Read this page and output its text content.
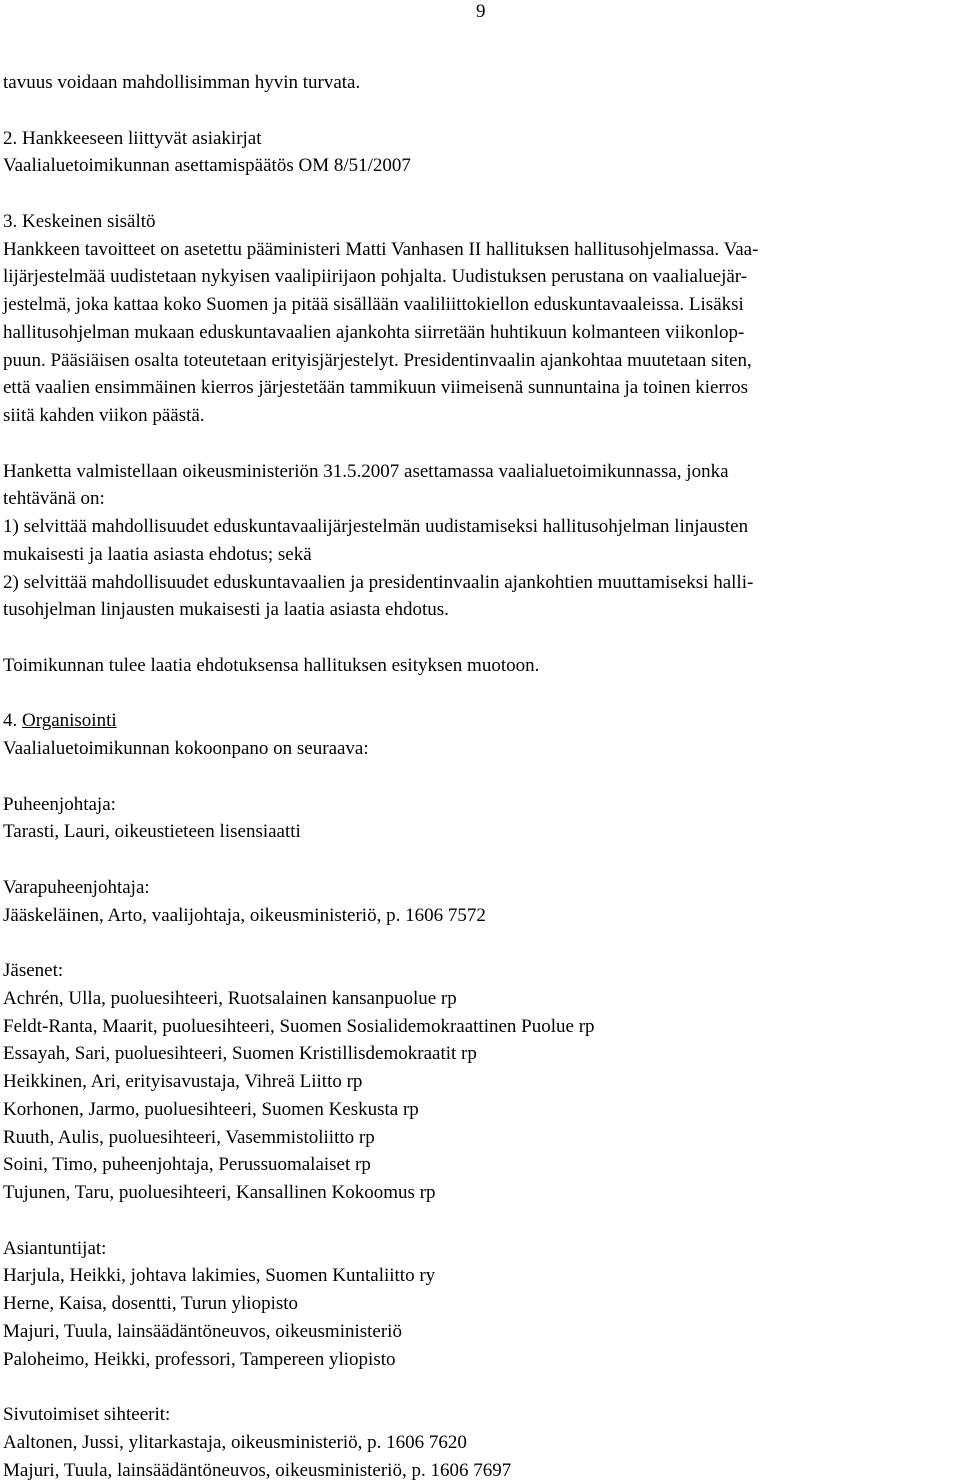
9
tavuus voidaan mahdollisimman hyvin turvata.
2. Hankkeeseen liittyvät asiakirjat
Vaalialuetoimikunnan asettamispäätös OM 8/51/2007
3. Keskeinen sisältö
Hankkeen tavoitteet on asetettu pääministeri Matti Vanhasen II hallituksen hallitusohjelmassa. Vaa-
lijärjestelmää uudistetaan nykyisen vaalipiirijaon pohjalta. Uudistuksen perustana on vaalialuejär-
jestelmä, joka kattaa koko Suomen ja pitää sisällään vaaliliittokiellon eduskuntavaaleissa. Lisäksi
hallitusohjelman mukaan eduskuntavaalien ajankohta siirretään huhtikuun kolmanteen viikonlop-
puun. Pääsiäisen osalta toteutetaan erityisjärjestelyt. Presidentinvaalin ajankohtaa muutetaan siten,
että vaalien ensimmäinen kierros järjestetään tammikuun viimeisenä sunnuntaina ja toinen kierros
siitä kahden viikon päästä.
Hanketta valmistellaan oikeusministeriön 31.5.2007 asettamassa vaalialuetoimikunnassa, jonka
tehtävänä on:
1) selvittää mahdollisuudet eduskuntavaalijärjestelmän uudistamiseksi hallitusohjelman linjausten
mukaisesti ja laatia asiasta ehdotus; sekä
2) selvittää mahdollisuudet eduskuntavaalien ja presidentinvaalin ajankohtien muuttamiseksi halli-
tusohjelman linjausten mukaisesti ja laatia asiasta ehdotus.
Toimikunnan tulee laatia ehdotuksensa hallituksen esityksen muotoon.
4. Organisointi
Vaalialuetoimikunnan kokoonpano on seuraava:
Puheenjohtaja:
Tarasti, Lauri, oikeustieteen lisensiaatti
Varapuheenjohtaja:
Jääskeläinen, Arto, vaalijohtaja, oikeusministeriö, p. 1606 7572
Jäsenet:
Achrén, Ulla, puoluesihteeri, Ruotsalainen kansanpuolue rp
Feldt-Ranta, Maarit, puoluesihteeri, Suomen Sosialidemokraattinen Puolue rp
Essayah, Sari, puoluesihteeri, Suomen Kristillisdemokraatit rp
Heikkinen, Ari, erityisavustaja, Vihreä Liitto rp
Korhonen, Jarmo, puoluesihteeri, Suomen Keskusta rp
Ruuth, Aulis, puoluesihteeri, Vasemmistoliitto rp
Soini, Timo, puheenjohtaja, Perussuomalaiset rp
Tujunen, Taru, puoluesihteeri, Kansallinen Kokoomus rp
Asiantuntijat:
Harjula, Heikki, johtava lakimies, Suomen Kuntaliitto ry
Herne, Kaisa, dosentti, Turun yliopisto
Majuri, Tuula, lainsäädäntöneuvos, oikeusministeriö
Paloheimo, Heikki, professori, Tampereen yliopisto
Sivutoimiset sihteerit:
Aaltonen, Jussi, ylitarkastaja, oikeusministeriö, p. 1606 7620
Majuri, Tuula, lainsäädäntöneuvos, oikeusministeriö, p. 1606 7697
